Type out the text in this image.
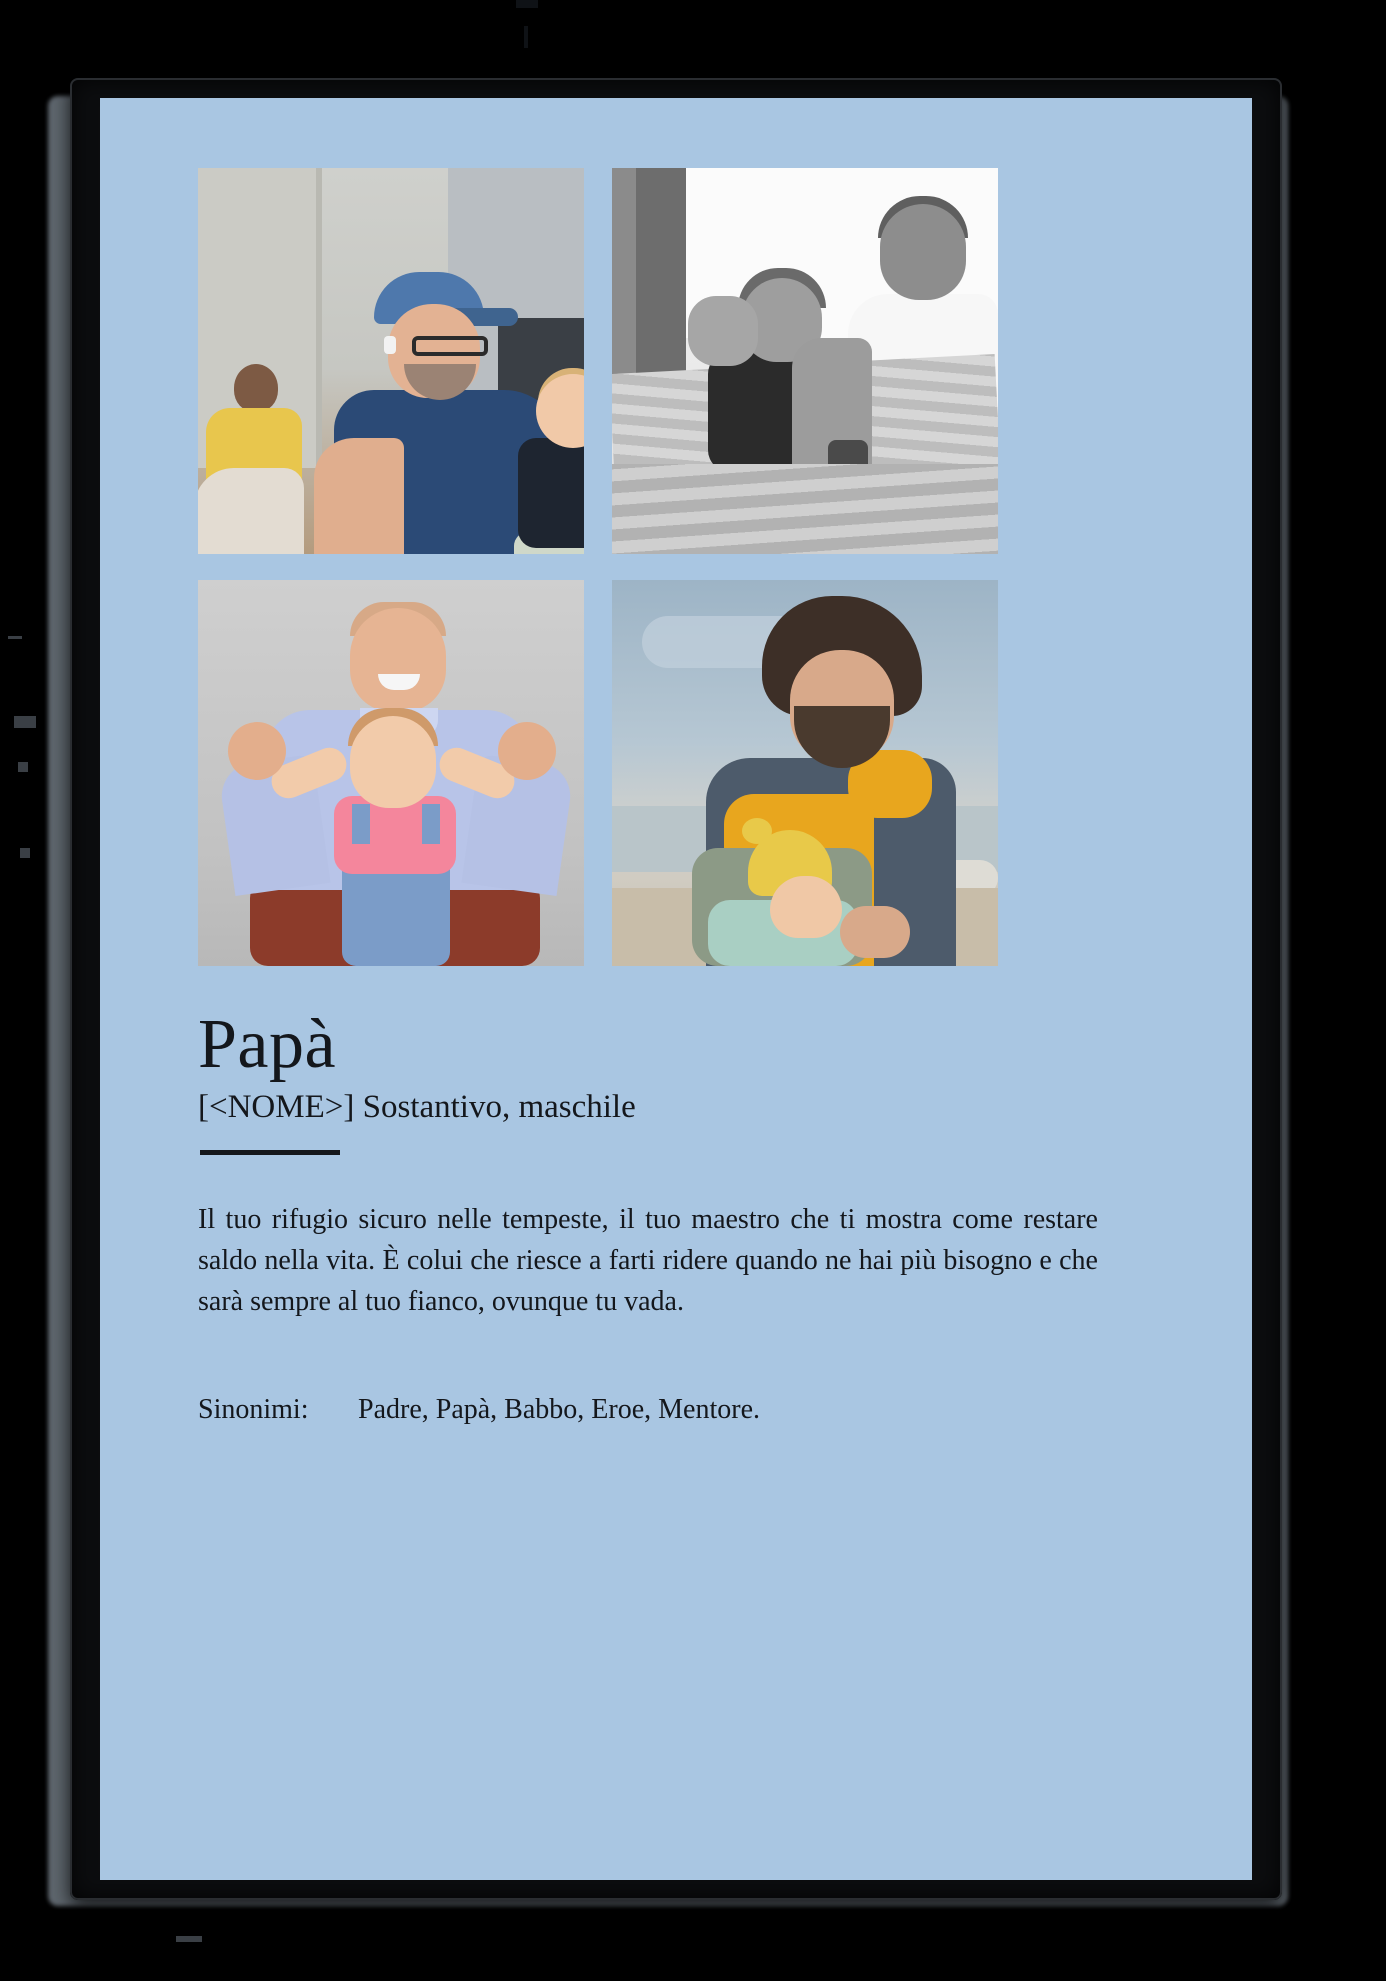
Papà

[<NOME>] Sostantivo, maschile

Il tuo rifugio sicuro nelle tempeste, il tuo maestro che ti mostra come restare saldo nella vita. È colui che riesce a farti ridere quando ne hai più bisogno e che sarà sempre al tuo fianco, ovunque tu vada.

Sinonimi:	Padre, Papà, Babbo, Eroe, Mentore.
